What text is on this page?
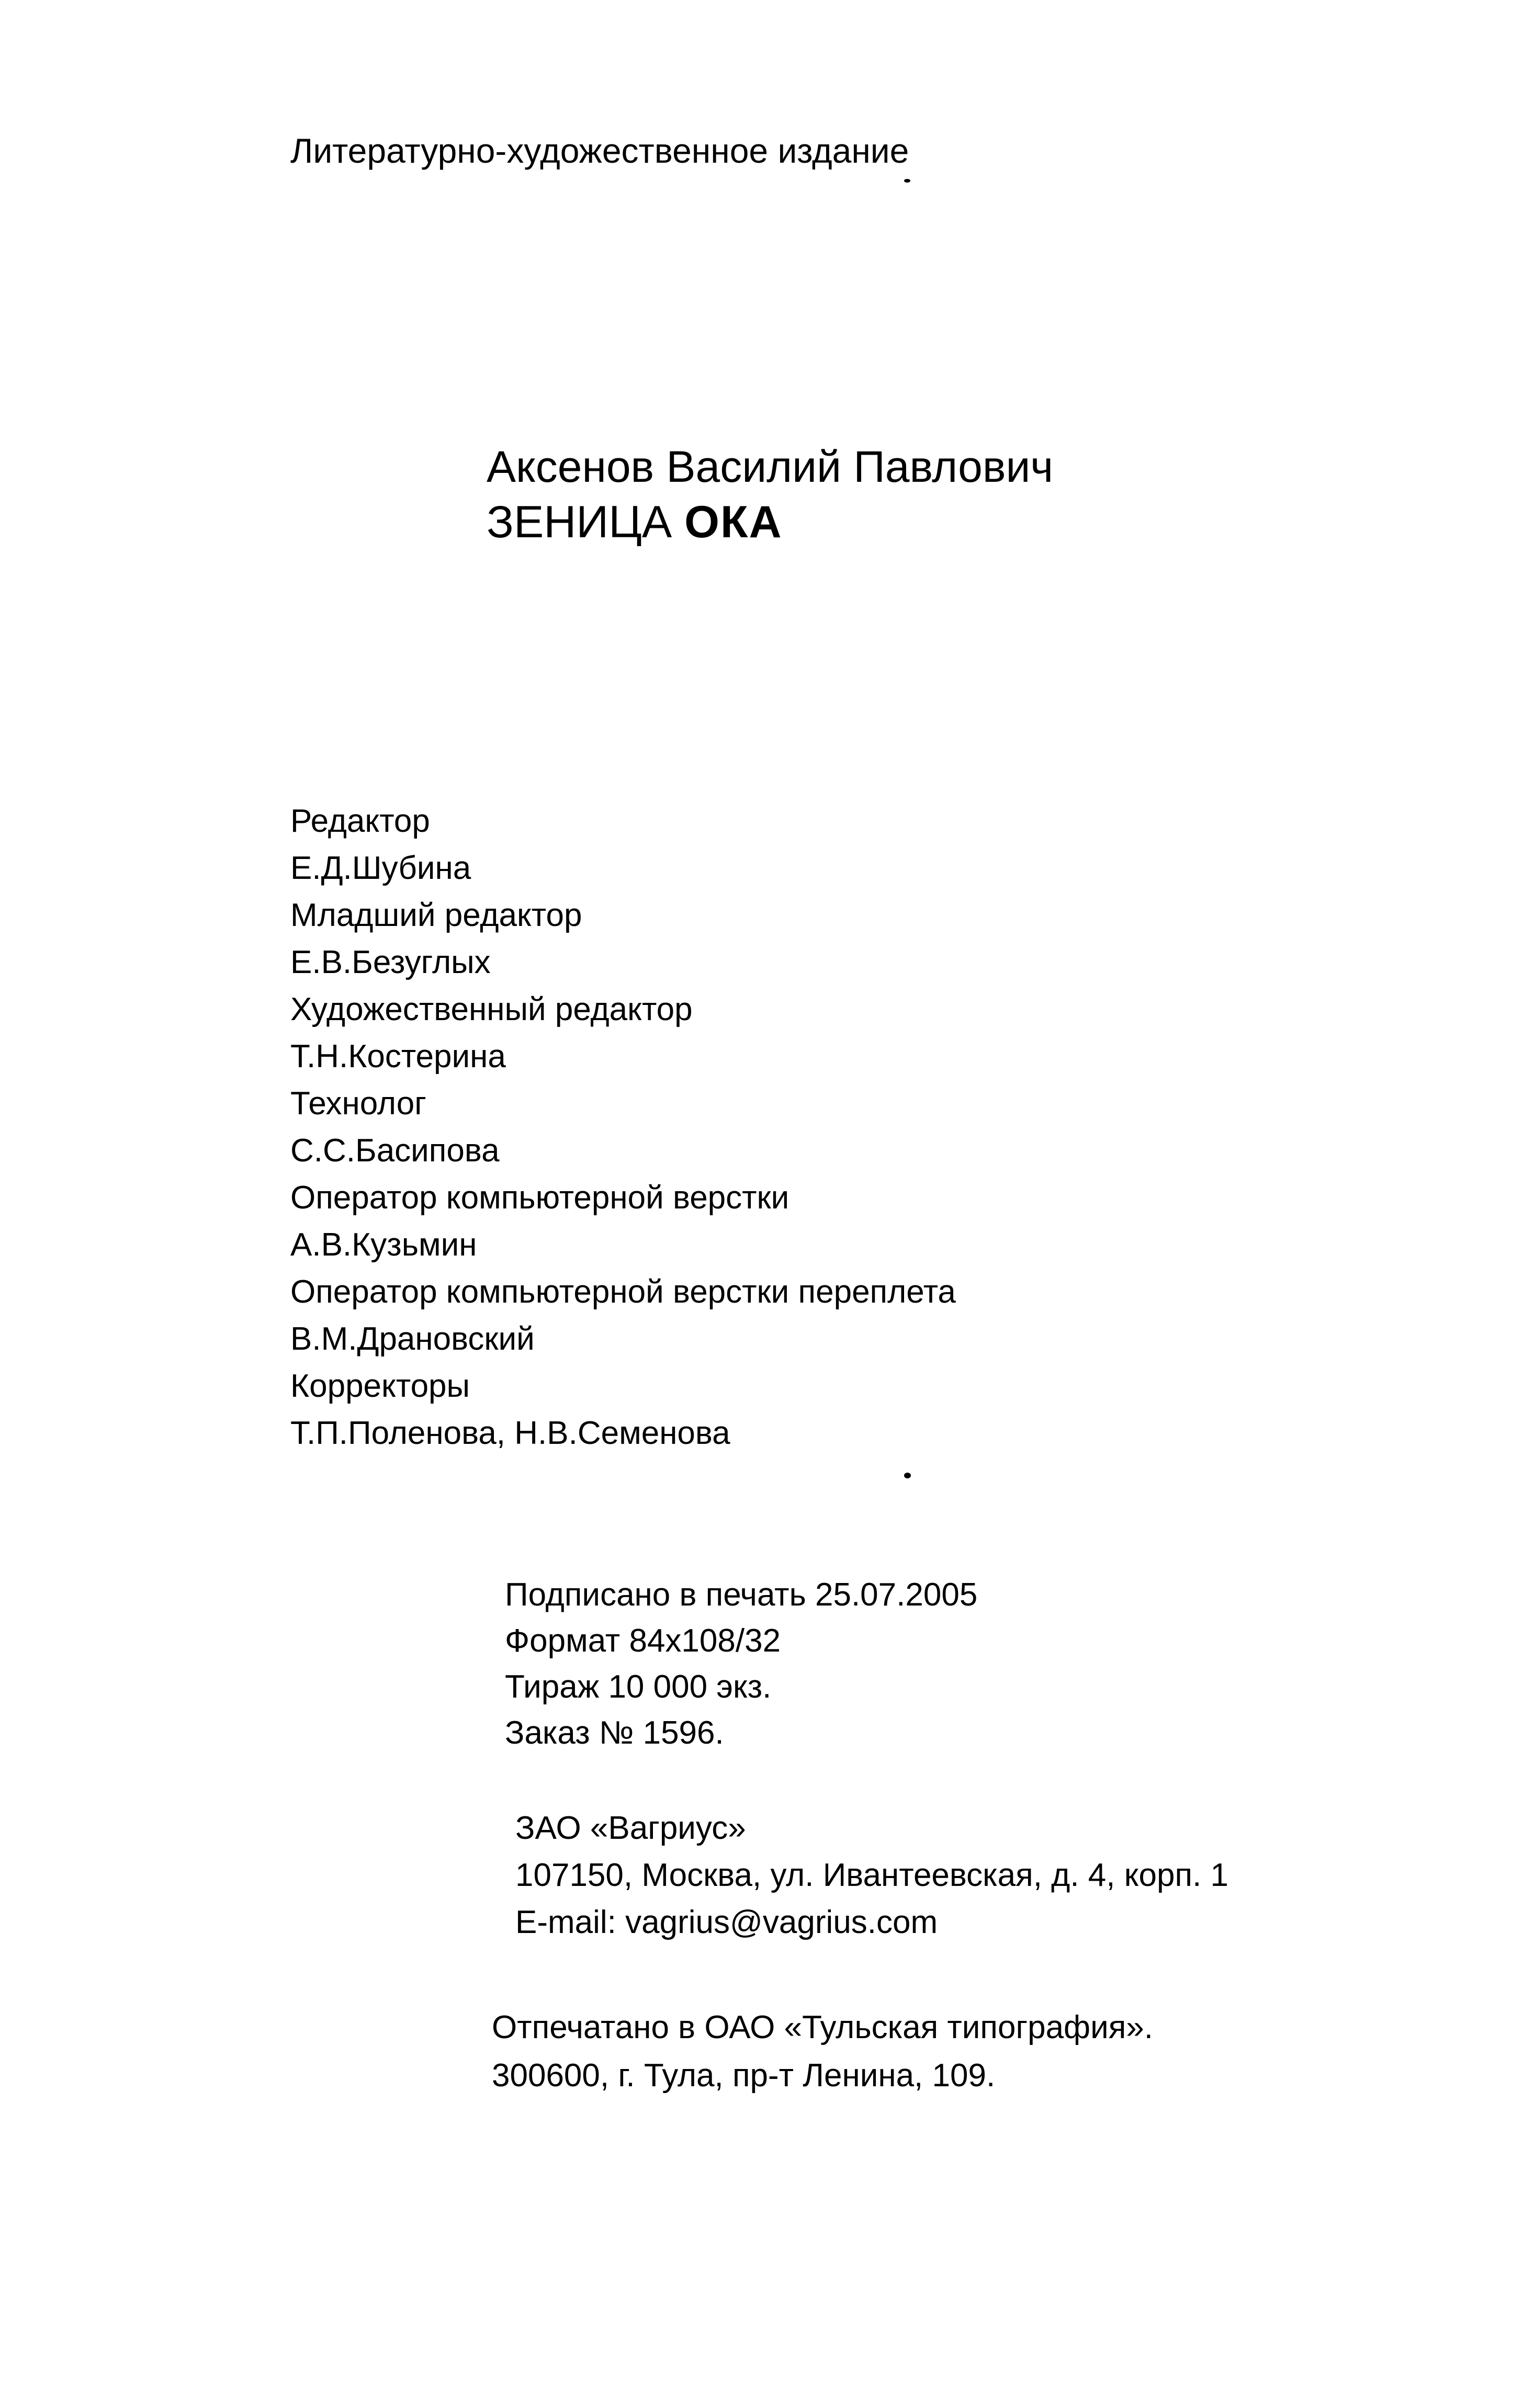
Литературно-художественное издание
Аксенов Василий Павлович
ЗЕНИЦА ОКА
Редактор
Е.Д.Шубина
Младший редактор
Е.В.Безуглых
Художественный редактор
Т.Н.Костерина
Технолог
С.С.Басипова
Оператор компьютерной верстки
А.В.Кузьмин
Оператор компьютерной верстки переплета
В.М.Драновский
Корректоры
Т.П.Поленова, Н.В.Семенова
Подписано в печать 25.07.2005
Формат 84x108/32
Тираж 10 000 экз.
Заказ № 1596.
ЗАО «Вагриус»
107150, Москва, ул. Ивантеевская, д. 4, корп. 1
E-mail: vagrius@vagrius.com
Отпечатано в ОАО «Тульская типография».
300600, г. Тула, пр-т Ленина, 109.
